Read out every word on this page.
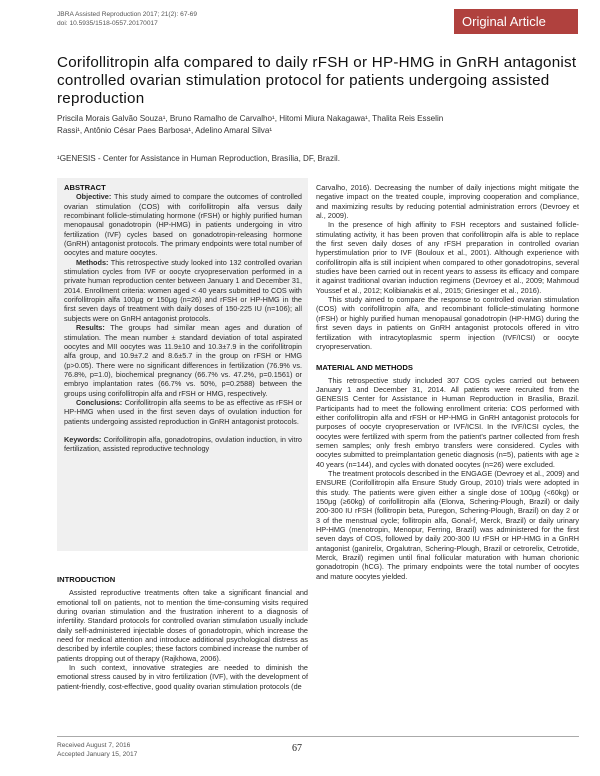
JBRA Assisted Reproduction 2017; 21(2): 67-69
doi: 10.5935/1518-0557.20170017	Original Article
Corifollitropin alfa compared to daily rFSH or HP-HMG in GnRH antagonist controlled ovarian stimulation protocol for patients undergoing assisted reproduction
Priscila Morais Galvão Souza¹, Bruno Ramalho de Carvalho¹, Hitomi Miura Nakagawa¹, Thalita Reis Esselin
Rassi¹, Antônio César Paes Barbosa¹, Adelino Amaral Silva¹
¹GENESIS - Center for Assistance in Human Reproduction, Brasília, DF, Brazil.

ABSTRACT

Objective: This study aimed to compare the outcomes of controlled ovarian stimulation (COS) with corifollitropin alfa versus daily recombinant follicle-stimulating hormone (rFSH) or highly purified human menopausal gonadotropin (HP-HMG) in patients undergoing in vitro fertilization (IVF) cycles based on gonadotropin-releasing hormone (GnRH) antagonist protocols. The primary endpoints were total number of oocytes and mature oocytes.

Methods: This retrospective study looked into 132 controlled ovarian stimulation cycles from IVF or oocyte cryopreservation performed in a private human reproduction center between January 1 and December 31, 2014. Enrollment criteria: women aged < 40 years submitted to COS with corifollitropin alfa 100μg or 150μg (n=26) and rFSH or HP-HMG in the first seven days of treatment with daily doses of 150-225 IU (n=106); all subjects were on GnRH antagonist protocols.

Results: The groups had similar mean ages and duration of stimulation. The mean number ± standard deviation of total aspirated oocytes and MII oocytes was 11.9±10 and 10.3±7.9 in the corifollitropin alfa group, and 10.9±7.2 and 8.6±5.7 in the group on rFSH or HMG (p>0.05). There were no significant differences in fertilization (76.9% vs. 76.8%, p=1.0), biochemical pregnancy (66.7% vs. 47.2%, p=0.1561) or embryo implantation rates (66.7% vs. 50%, p=0.2588) between the groups using corifollitropin alfa and rFSH or HMG, respectively.

Conclusions: Corifollitropin alfa seems to be as effective as rFSH or HP-HMG when used in the first seven days of ovulation induction for patients undergoing assisted reproduction in GnRH antagonist protocols.

Keywords: Corifollitropin alfa, gonadotropins, ovulation induction, in vitro fertilization, assisted reproductive technology

INTRODUCTION

Assisted reproductive treatments often take a significant financial and emotional toll on patients, not to mention the time-consuming visits required during ovarian stimulation and the frustration inherent to a diagnosis of infertility. Standard protocols for controlled ovarian stimulation usually include daily self-administered injectable doses of gonadotropin, which increase the need for medical attention and introduce additional psychological distress as described by infertile couples; these factors combined increase the number of patients dropping out of therapy (Rajkhowa, 2006).

In such context, innovative strategies are needed to diminish the emotional stress caused by in vitro fertilization (IVF), with the development of patient-friendly, cost-effective, good quality ovarian stimulation protocols (de

Carvalho, 2016). Decreasing the number of daily injections might mitigate the negative impact on the treated couple, improving cooperation and compliance, and maximizing results by reducing potential administration errors (Devroey et al., 2009).

In the presence of high affinity to FSH receptors and sustained follicle-stimulating activity, it has been proven that corifollitropin alfa is able to replace the first seven daily doses of any rFSH preparation in controlled ovarian hyperstimulation prior to IVF (Bouloux et al., 2001). Although experience with corifollitropin alfa is still incipient when compared to other gonadotropins, several studies have been carried out in recent years to assess its efficacy and compare it against traditional ovarian induction regimens (Devroey et al., 2009; Mahmoud Youssef et al., 2012; Kolibianakis et al., 2015; Griesinger et al., 2016).

This study aimed to compare the response to controlled ovarian stimulation (COS) with corifollitropin alfa, and recombinant follicle-stimulating hormone (rFSH) or highly purified human menopausal gonadotropin (HP-HMG) during the first seven days in patients on GnRH antagonist protocols offered in vitro fertilization with intracytoplasmic sperm injection (IVF/ICSI) or oocyte cryopreservation.

MATERIAL AND METHODS

This retrospective study included 307 COS cycles carried out between January 1 and December 31, 2014. All patients were recruited from the GENESIS Center for Assistance in Human Reproduction in Brasília, Brazil. Participants had to meet the following enrollment criteria: COS performed with either corifollitropin alfa and rFSH or HP-HMG in GnRH antagonist protocols for purposes of oocyte cryopreservation or IVF/ICSI. In the IVF/ICSI cycles, the oocytes were fertilized with sperm from the patient's partner collected from fresh semen samples; only fresh embryo transfers were considered. Cycles with oocytes submitted to preimplantation genetic diagnosis (n=5), patients with age ≥ 40 years (n=144), and cycles with donated oocytes (n=26) were excluded.

The treatment protocols described in the ENGAGE (Devroey et al., 2009) and ENSURE (Corifollitropin alfa Ensure Study Group, 2010) trials were adopted in this study. The patients were given either a single dose of 100μg (<60kg) or 150μg (≥60kg) of corifollitropin alfa (Elonva, Schering-Plough, Brazil) or daily 200-300 IU rFSH (follitropin beta, Puregon, Schering-Plough, Brazil) on day 2 or 3 of the menstrual cycle; follitropin alfa, Gonal-f, Merck, Brazil) or daily urinary HP-HMG (menotropin, Menopur, Ferring, Brazil) was administered for the first seven days of COS, followed by daily 200-300 IU rFSH or HP-HMG in a GnRH antagonist (ganirelix, Orgalutran, Schering-Plough, Brazil or cetrorelix, Cetrotide, Merck, Brazil) regimen until final follicular maturation with human chorionic gonadotropin (hCG). The primary endpoints were the total number of oocytes and mature oocytes yielded.

Received August 7, 2016
Accepted January 15, 2017
67
